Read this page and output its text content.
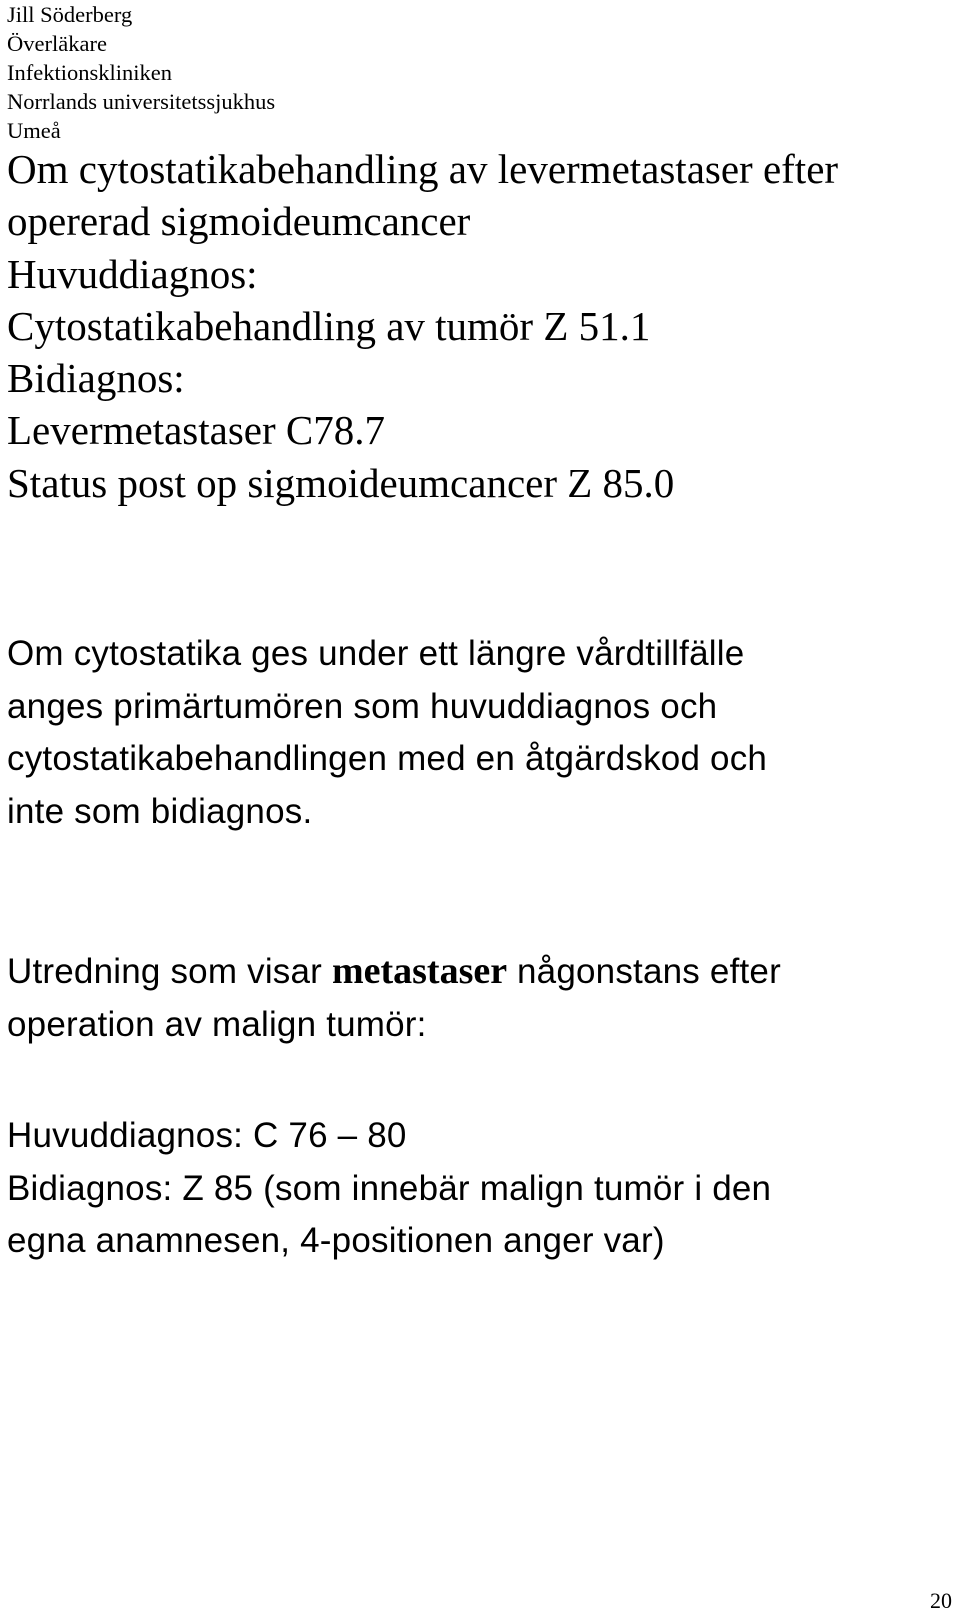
Jill Söderberg
Överläkare
Infektionskliniken
Norrlands universitetssjukhus
Umeå
Om cytostatikabehandling av levermetastaser efter
opererad sigmoideumcancer
Huvuddiagnos:
Cytostatikabehandling av tumör Z 51.1
Bidiagnos:
Levermetastaser C78.7
Status post op sigmoideumcancer Z 85.0
Om cytostatika ges under ett längre vårdtillfälle
anges primärtumören som huvuddiagnos och
cytostatikabehandlingen med en åtgärdskod och
inte som bidiagnos.
Utredning som visar metastaser någonstans efter
operation av malign tumör:
Huvuddiagnos: C 76 – 80
Bidiagnos: Z 85 (som innebär malign tumör i den
egna anamnesen, 4-positionen anger var)
20
